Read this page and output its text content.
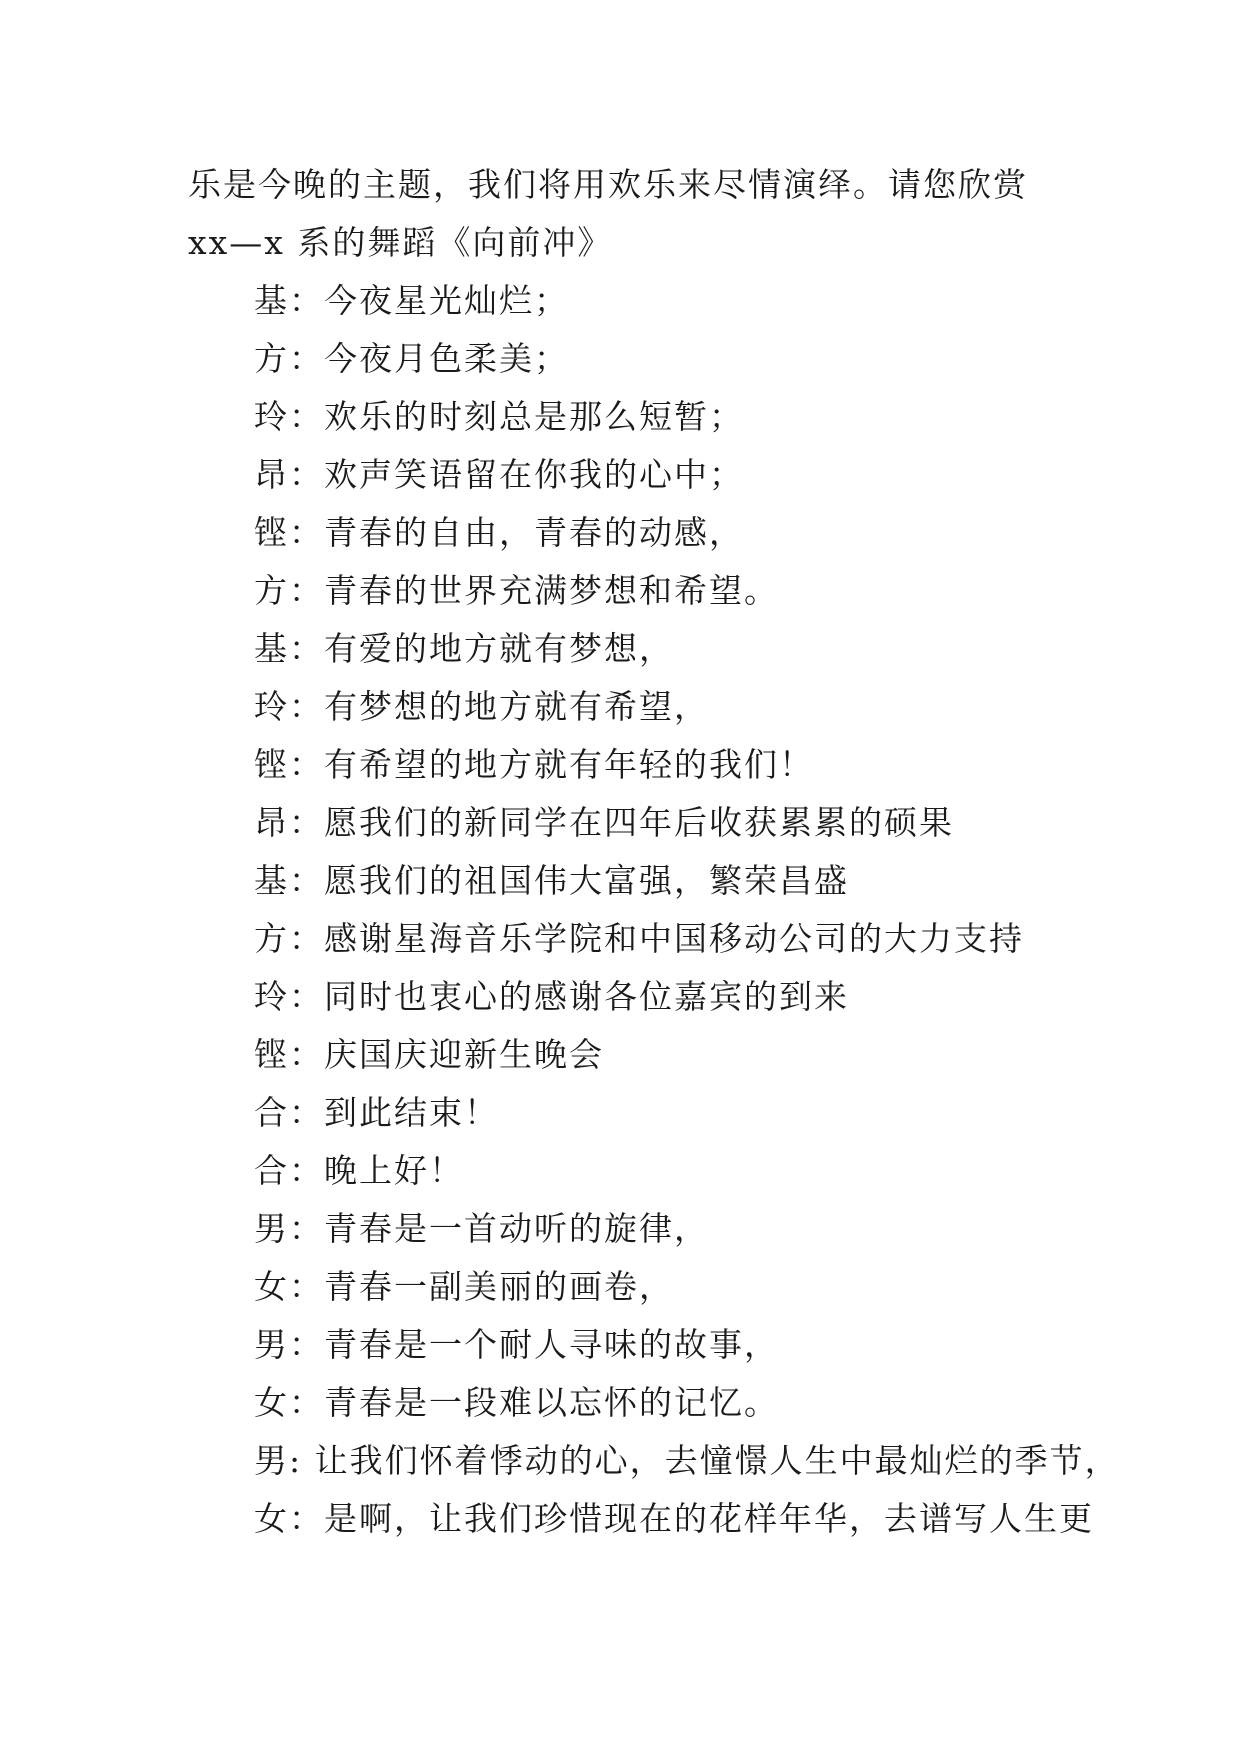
乐是今晚的主题，我们将用欢乐来尽情演绎。请您欣赏
xx—x 系的舞蹈《向前冲》
基：今夜星光灿烂；
方：今夜月色柔美；
玲：欢乐的时刻总是那么短暂；
昂：欢声笑语留在你我的心中；
铿：青春的自由，青春的动感，
方：青春的世界充满梦想和希望。
基：有爱的地方就有梦想，
玲：有梦想的地方就有希望，
铿：有希望的地方就有年轻的我们！
昂：愿我们的新同学在四年后收获累累的硕果
基：愿我们的祖国伟大富强，繁荣昌盛
方：感谢星海音乐学院和中国移动公司的大力支持
玲：同时也衷心的感谢各位嘉宾的到来
铿：庆国庆迎新生晚会
合：到此结束！
合：晚上好！
男：青春是一首动听的旋律，
女：青春一副美丽的画卷，
男：青春是一个耐人寻味的故事，
女：青春是一段难以忘怀的记忆。
男: 让我们怀着悸动的心，去憧憬人生中最灿烂的季节，
女：是啊，让我们珍惜现在的花样年华，去谱写人生更
